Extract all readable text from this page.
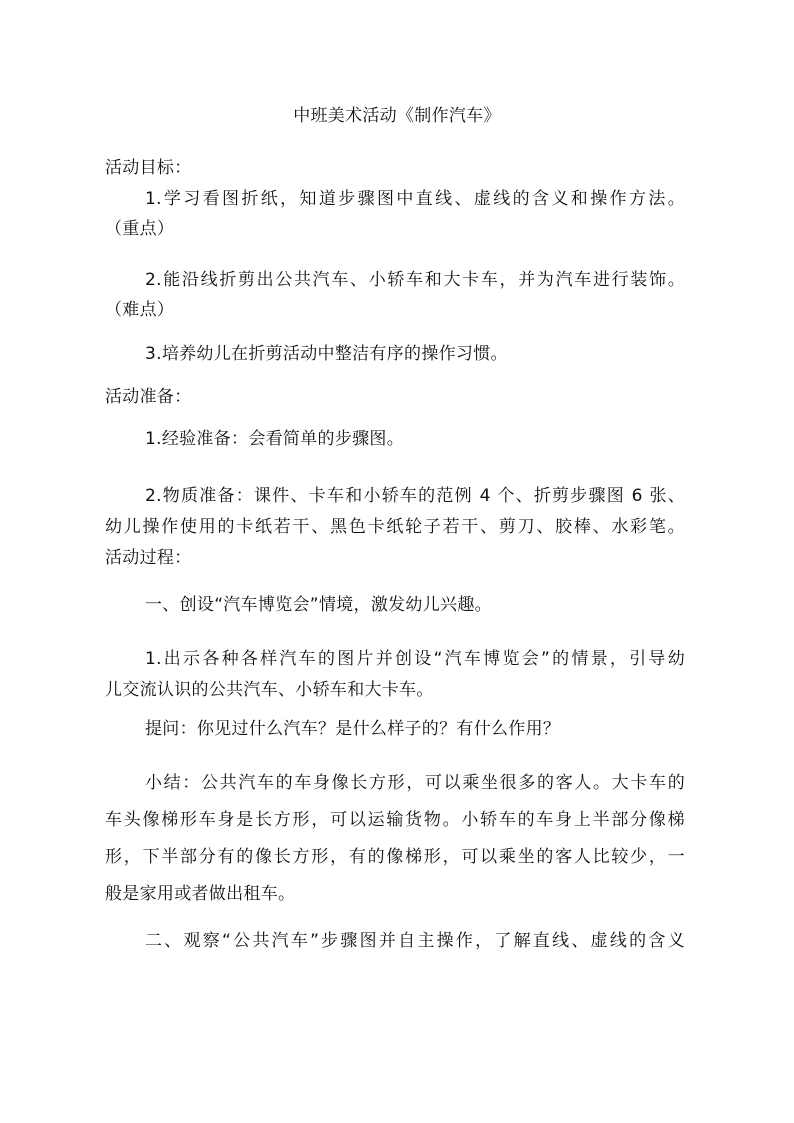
中班美术活动《制作汽车》
活动目标：
1.学习看图折纸，知道步骤图中直线、虚线的含义和操作方法。
（重点）
2.能沿线折剪出公共汽车、小轿车和大卡车，并为汽车进行装饰。
（难点）
3.培养幼儿在折剪活动中整洁有序的操作习惯。
活动准备：
1.经验准备：会看简单的步骤图。
2.物质准备：课件、卡车和小轿车的范例 4 个、折剪步骤图 6 张、
幼儿操作使用的卡纸若干、黑色卡纸轮子若干、剪刀、胶棒、水彩笔。
活动过程：
一、创设“汽车博览会”情境，激发幼儿兴趣。
1.出示各种各样汽车的图片并创设“汽车博览会”的情景，引导幼
儿交流认识的公共汽车、小轿车和大卡车。
提问：你见过什么汽车？是什么样子的？有什么作用？
小结：公共汽车的车身像长方形，可以乘坐很多的客人。大卡车的
车头像梯形车身是长方形，可以运输货物。小轿车的车身上半部分像梯
形，下半部分有的像长方形，有的像梯形，可以乘坐的客人比较少，一
般是家用或者做出租车。
二、观察“公共汽车”步骤图并自主操作，了解直线、虚线的含义
